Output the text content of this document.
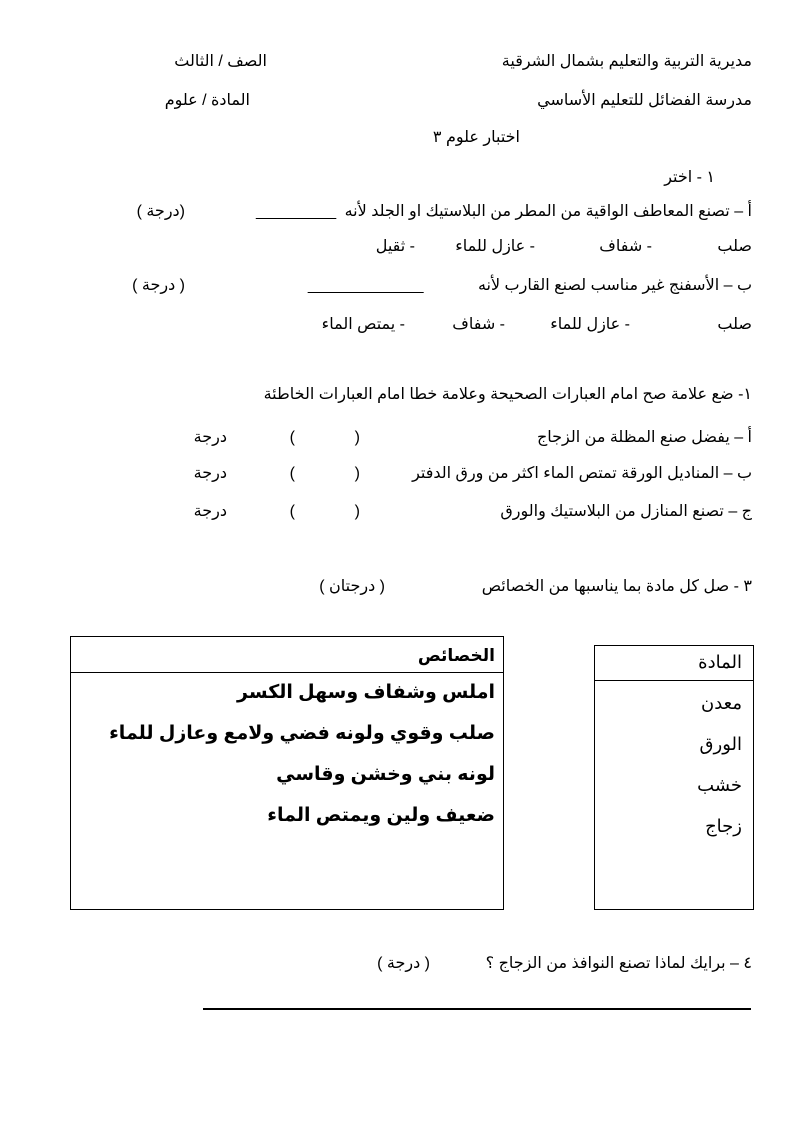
مديرية التربية والتعليم بشمال الشرقية
الصف / الثالث
مدرسة الفضائل للتعليم الأساسي
المادة / علوم
اختبار علوم ٣
١ - اختر
أ – تصنع المعاطف الواقية من المطر من البلاستيك او الجلد لأنه _________
(درجة )
صلب
- شفاف
- عازل للماء
- ثقيل
ب – الأسفنج غير مناسب لصنع القارب لأنه _____________
( درجة )
صلب
- عازل للماء
- شفاف
- يمتص الماء
١- ضع علامة صح امام العبارات الصحيحة وعلامة خطا امام العبارات الخاطئة
أ – يفضل صنع المظلة من الزجاج
(
)
درجة
ب – المناديل الورقة تمتص الماء اكثر من ورق الدفتر
(
)
درجة
ج – تصنع المنازل من البلاستيك والورق
(
)
درجة
٣ - صل كل مادة بما يناسبها من الخصائص
( درجتان )
الخصائص
املس وشفاف وسهل الكسر
صلب وقوي ولونه فضي ولامع وعازل للماء
لونه بني وخشن وقاسي
ضعيف ولين ويمتص الماء
المادة
معدن
الورق
خشب
زجاج
٤ – برايك لماذا تصنع النوافذ من الزجاج ؟
( درجة )
